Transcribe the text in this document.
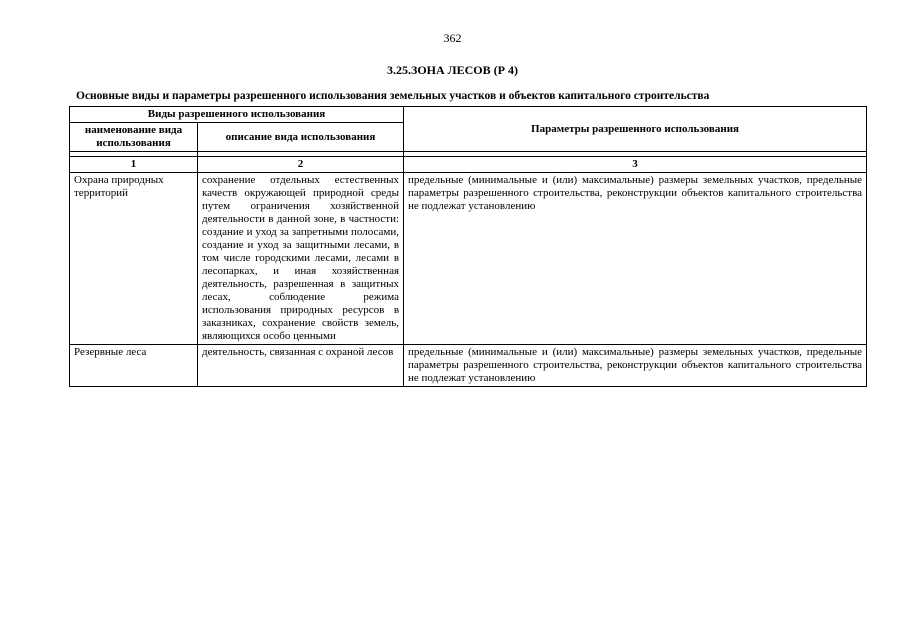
362
3.25.ЗОНА ЛЕСОВ (Р 4)
Основные виды и параметры разрешенного использования земельных участков и объектов капитального строительства
Виды разрешенного использования		Параметры разрешенного использования
наименование вида использования	описание вида использования	

1	2	3
Охрана природных территорий	сохранение отдельных естественных качеств окружающей природной среды путем ограничения хозяйственной деятельности в данной зоне, в частности: создание и уход за запретными полосами, создание и уход за защитными лесами, в том числе городскими лесами, лесами в лесопарках, и иная хозяйственная деятельность, разрешенная в защитных лесах, соблюдение режима использования природных ресурсов в заказниках, сохранение свойств земель, являющихся особо ценными	предельные (минимальные и (или) максимальные) размеры земельных участков, предельные параметры разрешенного строительства, реконструкции объектов капитального строительства не подлежат установлению
Резервные леса	деятельность, связанная с охраной лесов	предельные (минимальные и (или) максимальные) размеры земельных участков, предельные параметры разрешенного строительства, реконструкции объектов капитального строительства не подлежат установлению
